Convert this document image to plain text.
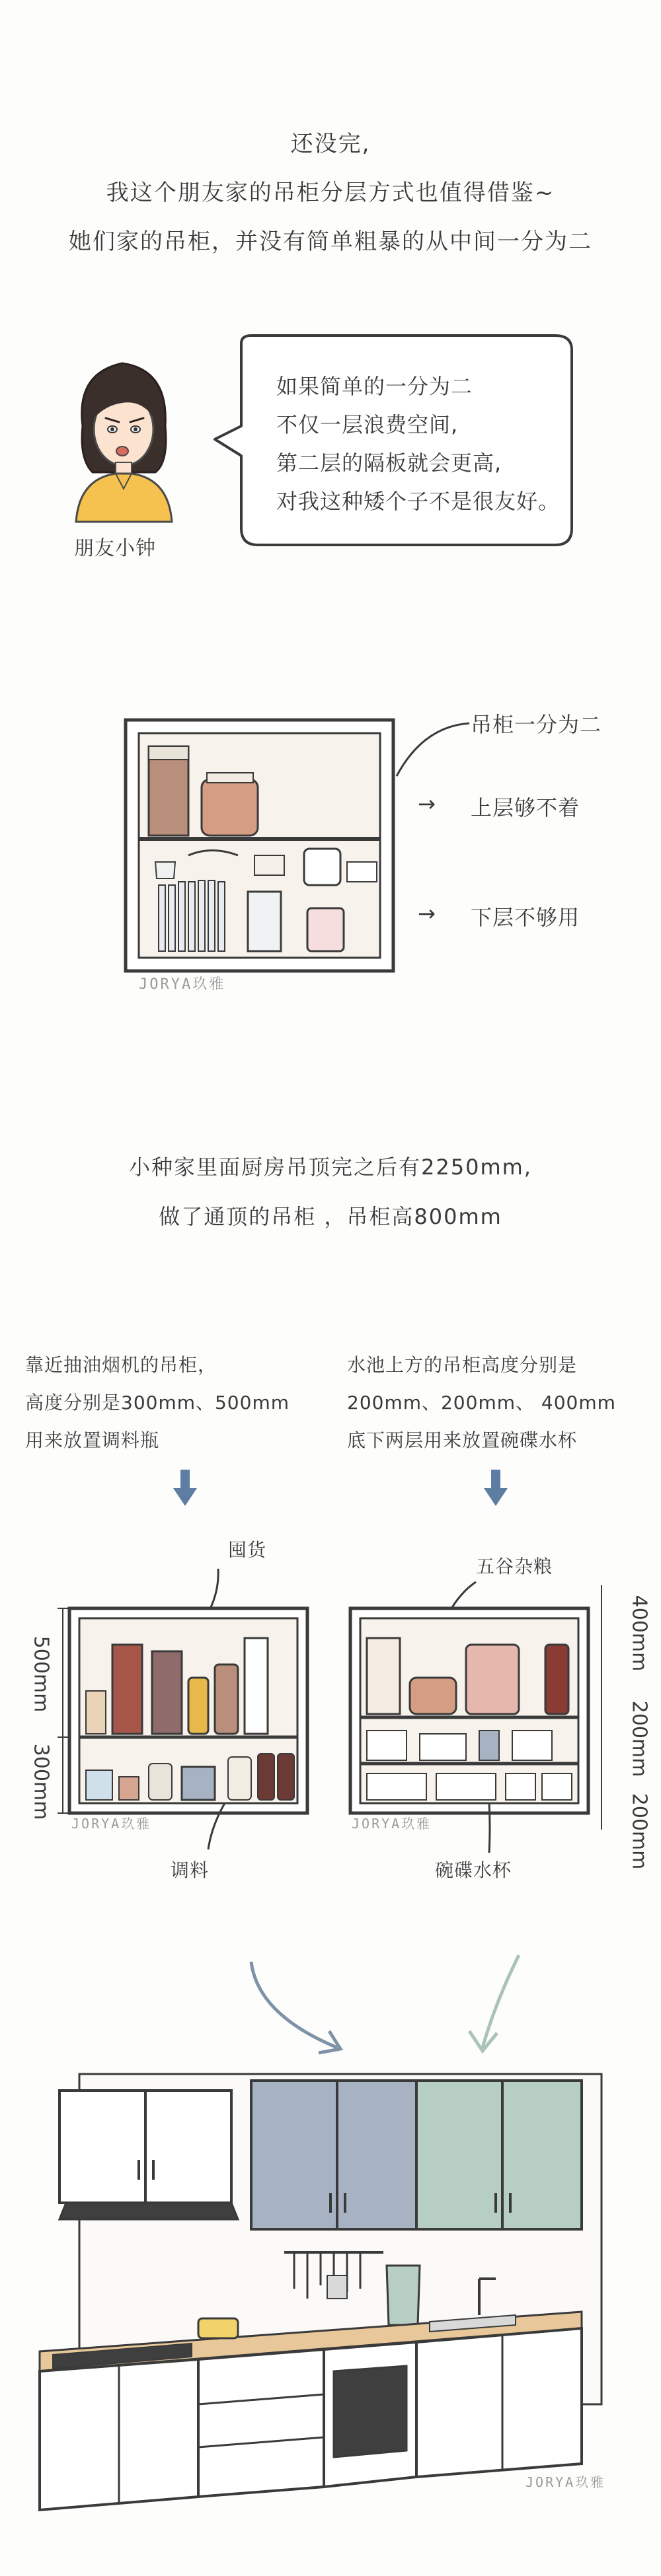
还没完,
我这个朋友家的吊柜分层方式也值得借鉴~
她们家的吊柜，并没有简单粗暴的从中间一分为二
朋友小钟
如果简单的一分为二
不仅一层浪费空间,
第二层的隔板就会更高,
对我这种矮个子不是很友好。
JORYA玖雅
吊柜一分为二
→ 上层够不着
→ 下层不够用
小种家里面厨房吊顶完之后有2250mm,
做了通顶的吊柜 ，吊柜高800mm
靠近抽油烟机的吊柜，
高度分别是300mm、500mm
用来放置调料瓶
水池上方的吊柜高度分别是
200mm、200mm、 400mm
底下两层用来放置碗碟水杯
囤货
JORYA玖雅
500mm
300mm
调料
五谷杂粮
JORYA玖雅
400mm
200mm
200mm
碗碟水杯
JORYA玖雅
